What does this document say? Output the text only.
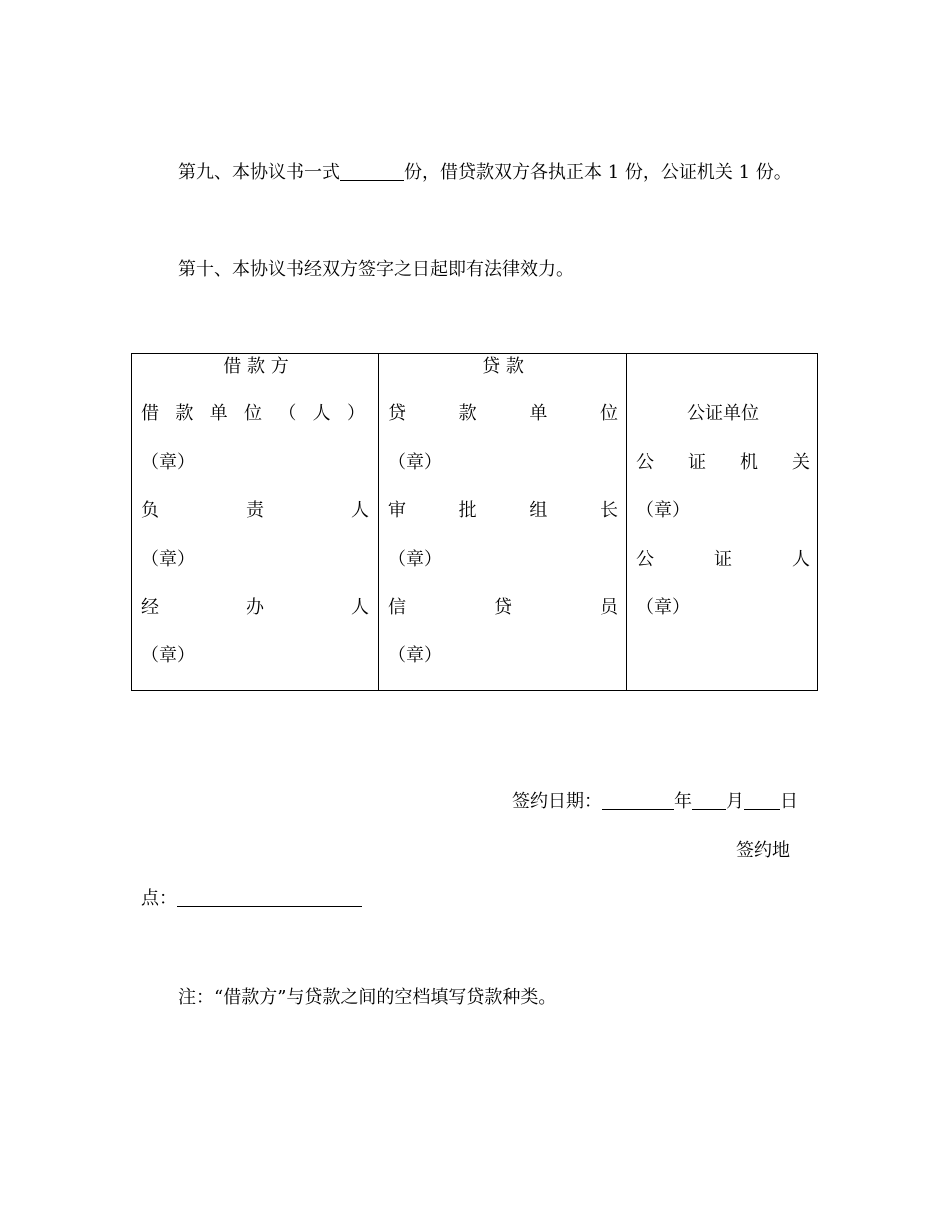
第九、本协议书一式	份，借贷款双方各执正本 1 份，公证机关 1 份。
第十、本协议书经双方签字之日起即有法律效力。
借 款 方
借 款 单 位 （ 人 ）
（章）
负	责	人
（章）
经	办	人
（章）
贷 款
贷	款	单	位
（章）
审	批	组	长
（章）
信	贷	员
（章）
公证单位
公 证 机 关
（章）
公	证	人
（章）
签约日期：	年 月 日
签约地
点：
注：“借款方”与贷款之间的空档填写贷款种类。
